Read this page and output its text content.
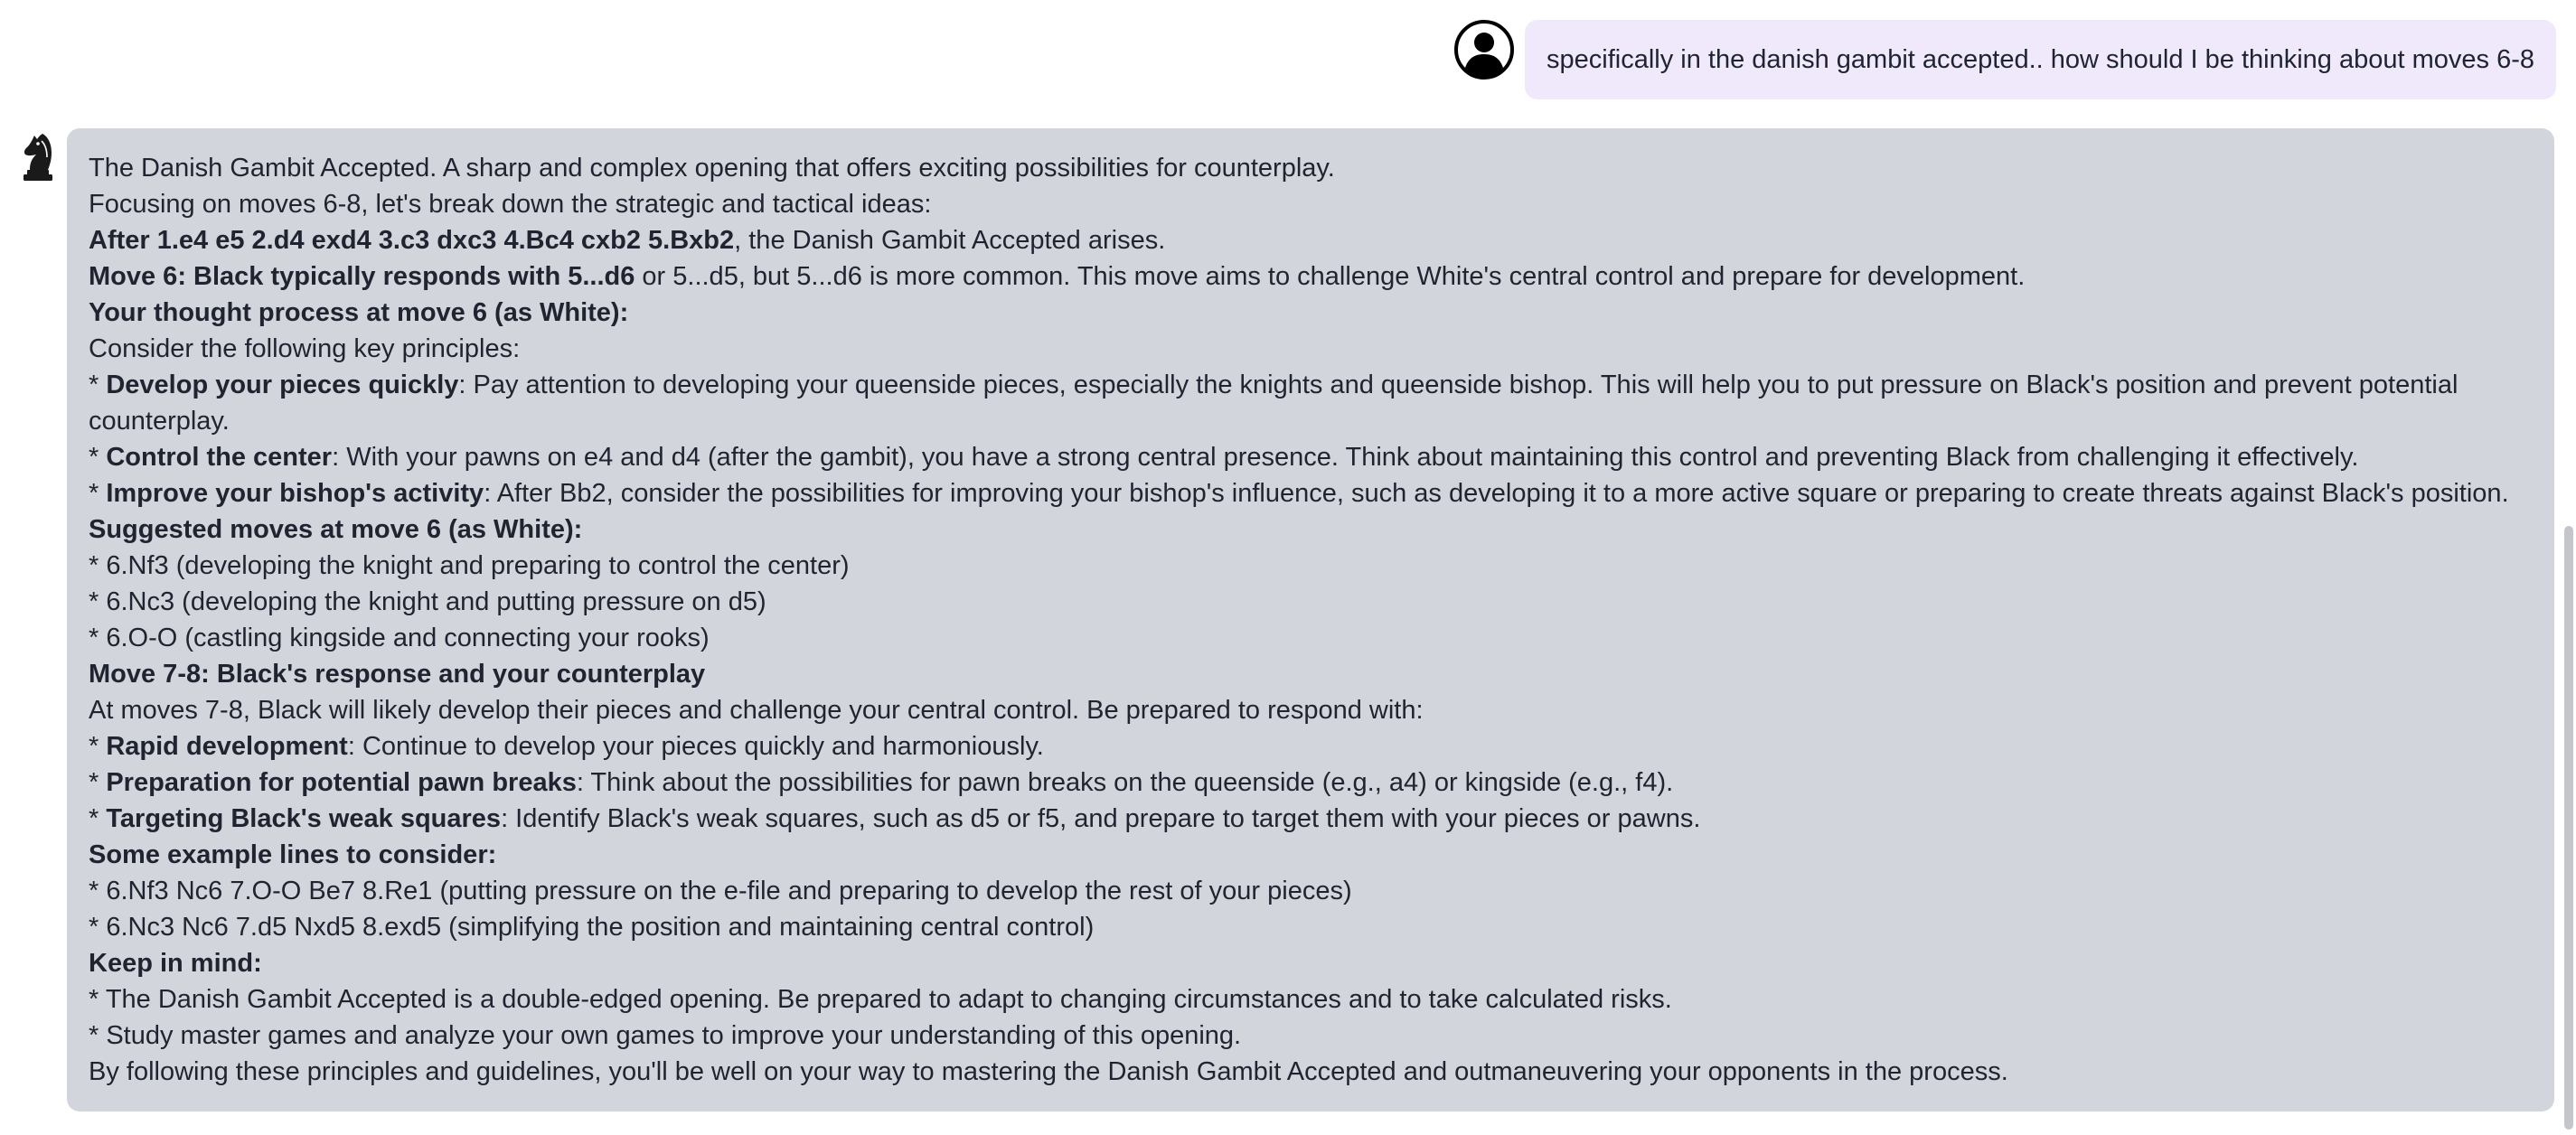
specifically in the danish gambit accepted.. how should I be thinking about moves 6-8
The Danish Gambit Accepted. A sharp and complex opening that offers exciting possibilities for counterplay.
Focusing on moves 6-8, let's break down the strategic and tactical ideas:
After 1.e4 e5 2.d4 exd4 3.c3 dxc3 4.Bc4 cxb2 5.Bxb2, the Danish Gambit Accepted arises.
Move 6: Black typically responds with 5...d6 or 5...d5, but 5...d6 is more common. This move aims to challenge White's central control and prepare for development.
Your thought process at move 6 (as White):
Consider the following key principles:
* Develop your pieces quickly: Pay attention to developing your queenside pieces, especially the knights and queenside bishop. This will help you to put pressure on Black's position and prevent potential counterplay.
* Control the center: With your pawns on e4 and d4 (after the gambit), you have a strong central presence. Think about maintaining this control and preventing Black from challenging it effectively.
* Improve your bishop's activity: After Bb2, consider the possibilities for improving your bishop's influence, such as developing it to a more active square or preparing to create threats against Black's position.
Suggested moves at move 6 (as White):
* 6.Nf3 (developing the knight and preparing to control the center)
* 6.Nc3 (developing the knight and putting pressure on d5)
* 6.O-O (castling kingside and connecting your rooks)
Move 7-8: Black's response and your counterplay
At moves 7-8, Black will likely develop their pieces and challenge your central control. Be prepared to respond with:
* Rapid development: Continue to develop your pieces quickly and harmoniously.
* Preparation for potential pawn breaks: Think about the possibilities for pawn breaks on the queenside (e.g., a4) or kingside (e.g., f4).
* Targeting Black's weak squares: Identify Black's weak squares, such as d5 or f5, and prepare to target them with your pieces or pawns.
Some example lines to consider:
* 6.Nf3 Nc6 7.O-O Be7 8.Re1 (putting pressure on the e-file and preparing to develop the rest of your pieces)
* 6.Nc3 Nc6 7.d5 Nxd5 8.exd5 (simplifying the position and maintaining central control)
Keep in mind:
* The Danish Gambit Accepted is a double-edged opening. Be prepared to adapt to changing circumstances and to take calculated risks.
* Study master games and analyze your own games to improve your understanding of this opening.
By following these principles and guidelines, you'll be well on your way to mastering the Danish Gambit Accepted and outmaneuvering your opponents in the process.
